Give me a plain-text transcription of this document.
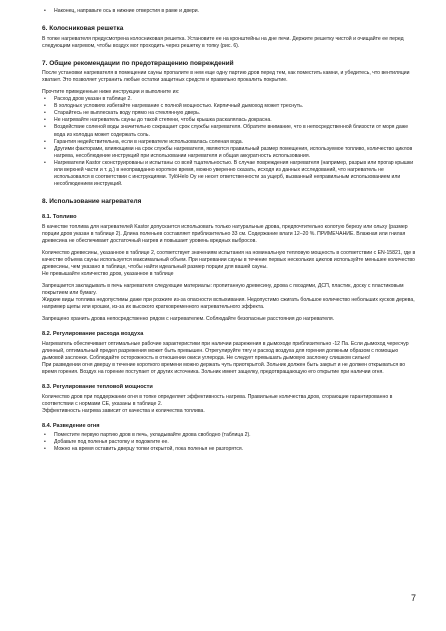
• Наконец, направьте ось в нижние отверстия в раме и двери.

6. Колосниковая решетка

В топке нагревателя предусмотрена колосниковая решетка. Установите ее на кронштейны на дне печи. Держите решетку чистой и очищайте ее перед следующим нагревом, чтобы воздух мог проходить через решетку в топку (рис. 6).

7. Общие рекомендации по предотвращению повреждений

После установки нагревателя в помещении сауны пропалите в нем еще одну партию дров перед тем, как поместить камни, и убедитесь, что вентиляции хватает. Это позволяет устранить любые остатки защитных средств и правильно прокалить покрытие.

Прочтите приведенные ниже инструкции и выполните их:

• Расход дров указан в таблице 2.

• В холодных условиях избегайте нагревание с полной мощностью. Кирпичный дымоход может треснуть.

• Старайтесь не выплескать воду прямо на стеклянную дверь.

• Не нагревайте нагреватель сауны до такой степени, чтобы крышка раскалялась докрасна.

• Воздействие соленой воды значительно сокращает срок службы нагревателя. Обратите внимание, что в непосредственной близости от моря даже вода из колодца может содержать соль.

• Гарантия недействительна, если в нагревателе использовалась соленая вода.

• Другими факторами, влияющими на срок службы нагревателя, являются правильный размер помещения, используемое топливо, количество циклов нагрева, несоблюдение инструкций при использовании нагревателя и общая аккуратность использования.

• Нагреватели Kastor сконструированы и испытаны со всей тщательностью. В случае повреждения нагревателя (например, разрыв или прогар крышки или верхней части и т. д.) в неоправданно короткое время, можно уверенно сказать, исходя из данных исследований, что нагреватель не использовался в соответствии с инструкциями. TylöHelo Oy не несет ответственности за ущерб, вызванный неправильным использованием или несоблюдением инструкций.

8. Использование нагревателя
8.1. Топливо

В качестве топлива для нагревателей Kastor допускается использовать только натуральные дрова, предпочтительно колотую березу или ольху (размер порции дров указан в таблице 2). Длина поленьев составляет приблизительно 33 см. Содержание влаги 12–20 %. ПРИМЕЧАНИЕ. Влажная или гнилая древесина не обеспечивает достаточный нагрев и повышает уровень вредных выбросов.

Количество древесины, указанное в таблице 2, соответствует значениям испытания на номинальную тепловую мощность в соответствии с EN-15821, где в качестве объема сауны используется максимальный объем. При нагревании сауны в течение первых нескольких циклов используйте меньшее количество древесины, чем указано в таблице, чтобы найти идеальный размер порции для вашей сауны.

Не превышайте количество дров, указанное в таблице

Запрещается закладывать в печь нагревателя следующие материалы: пропитанную древесину, дрова с гвоздями, ДСП, пластик, доску с пластиковым покрытием или бумагу.

Жидкие виды топлива недопустимы даже при розжиге из-за опасности вспыхивания. Недопустимо сжигать большое количество небольших кусков дерева, например щепы или крошки, из-за их высокого кратковременного нагревательного эффекта.

Запрещено хранить дрова непосредственно рядом с нагревателем. Соблюдайте безопасные расстояния до нагревателя.

8.2. Регулирование расхода воздуха

Нагреватель обеспечивает оптимальные рабочие характеристики при наличии разрежения в дымоходе приблизительно -12 Па. Если дымоход чересчур длинный, оптимальный предел разрежения может быть превышен. Отрегулируйте тягу и расход воздуха для горения должным образом с помощью дымовой заслонки. Соблюдайте осторожность в отношении окиси углерода. Не следует превышать дымовую заслонку слишком сильно!

При разведении огня дверцу в течение короткого времени можно держать чуть приоткрытой. Зольник должен быть закрыт и не должен открываться во время горения. Воздух на горение поступает от других источника. Зольник имеет защелку, предотвращающую его открытие при наличии огня.

8.3. Регулирование тепловой мощности

Количество дров при поддержании огня в топке определяет эффективность нагрева. Правильные количества дров, сгорающие гарантированно в соответствии с нормами CE, указаны в таблице 2.

Эффективность нагрева зависит от качества и количества топлива.

8.4. Разведение огня

• Поместите первую партию дров в печь, укладывайте дрова свободно (таблица 2).

• Добавьте под поленья растопку и подожгите ее.

• Можно на время оставить дверцу топки открытой, пока поленья не разгорятся.

7
